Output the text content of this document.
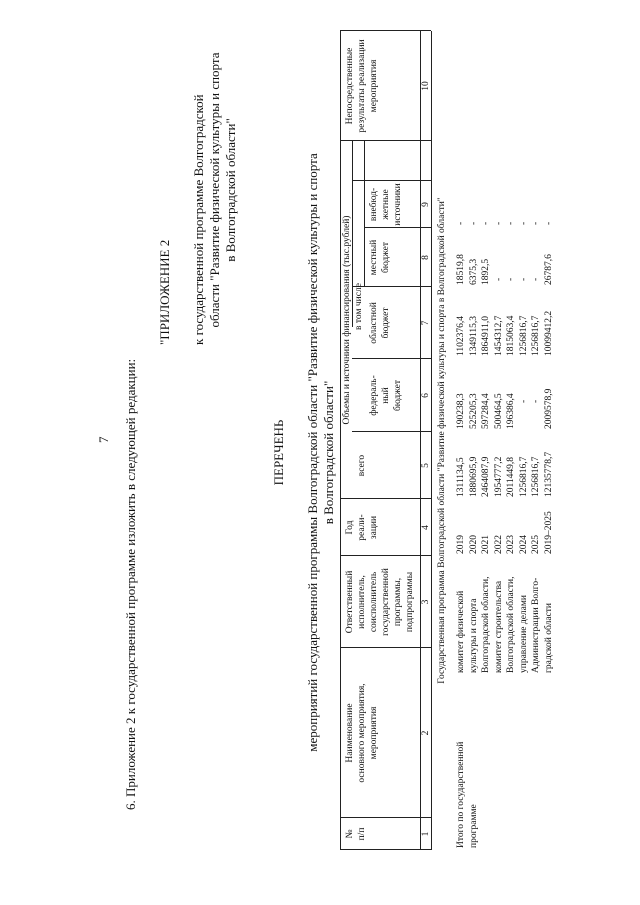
7 6. Приложение 2 к государственной программе изложить в следующей редакции:
"ПРИЛОЖЕНИЕ 2 к государственной программе Волгоградской области "Развитие физической культуры и спорта в Волгоградской области"
ПЕРЕЧЕНЬ мероприятий государственной программы Волгоградской области "Развитие физической культуры и спорта в Волгоградской области"
№ п/п
Наименование основного мероприятия, мероприятия
Ответственный исполнитель, соисполнитель государственной программы, подпрограммы
Год реали- зации
Объемы и источники финансирования (тыс.рублей)
всего
в том числе
федераль- ный бюджет
областной бюджет
местный бюджет
внебюд- жетные источники
Непосредственные результаты реализации мероприятия
1
2
3
4
5
6
7
8
9
10
Государственная программа Волгоградской области "Развитие физической культуры и спорта в Волгоградской области"
Итого по государственной программе
комитет физической культуры и спорта Волгоградской области, комитет строительства Волгоградской области, управление делами Администрации Волго- градской области
2019 2020 2021 2022 2023 2024 2025 2019–2025
1311134,5 1880695,9 2464087,9 1954777,2 2011449,8 1256816,7 1256816,7 12135778,7
190238,3 525205,3 597284,4 500464,5 196386,4 - - 2009578,9
1102376,4 1349115,3 1864911,0 1454312,7 1815063,4 1256816,7 1256816,7 10099412,2
18519,8 6375,3 1892,5 - - - - 26787,6
- - - - - - - -
